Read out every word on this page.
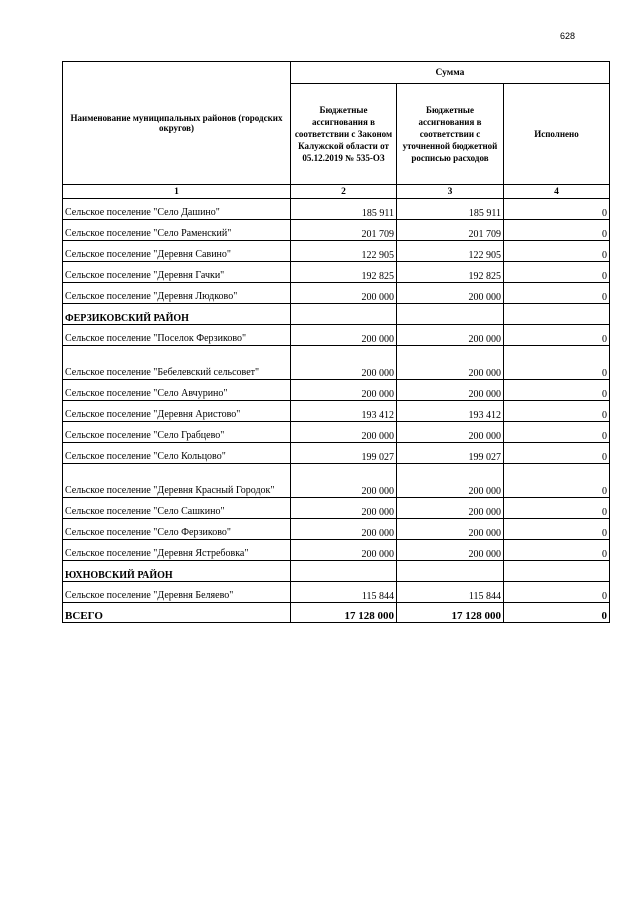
628
Наименование муниципальных районов (городских округов)	Сумма		
	Бюджетные ассигнования в соответствии с Законом Калужской области от 05.12.2019 № 535-ОЗ	Бюджетные ассигнования в соответствии с уточненной бюджетной росписью расходов	Исполнено
1	2	3	4
Сельское поселение "Село Дашино"	185 911	185 911	0
Сельское поселение "Село Раменский"	201 709	201 709	0
Сельское поселение "Деревня Савино"	122 905	122 905	0
Сельское поселение "Деревня Гачки"	192 825	192 825	0
Сельское поселение "Деревня Людково"	200 000	200 000	0
ФЕРЗИКОВСКИЙ РАЙОН			
Сельское поселение "Поселок Ферзиково"	200 000	200 000	0
Сельское поселение "Бебелевский сельсовет"	200 000	200 000	0
Сельское поселение "Село Авчурино"	200 000	200 000	0
Сельское поселение "Деревня Аристово"	193 412	193 412	0
Сельское поселение "Село Грабцево"	200 000	200 000	0
Сельское поселение "Село Кольцово"	199 027	199 027	0
Сельское поселение "Деревня Красный Городок"	200 000	200 000	0
Сельское поселение "Село Сашкино"	200 000	200 000	0
Сельское поселение "Село Ферзиково"	200 000	200 000	0
Сельское поселение "Деревня Ястребовка"	200 000	200 000	0
ЮХНОВСКИЙ РАЙОН			
Сельское поселение "Деревня Беляево"	115 844	115 844	0
ВСЕГО	17 128 000	17 128 000	0
